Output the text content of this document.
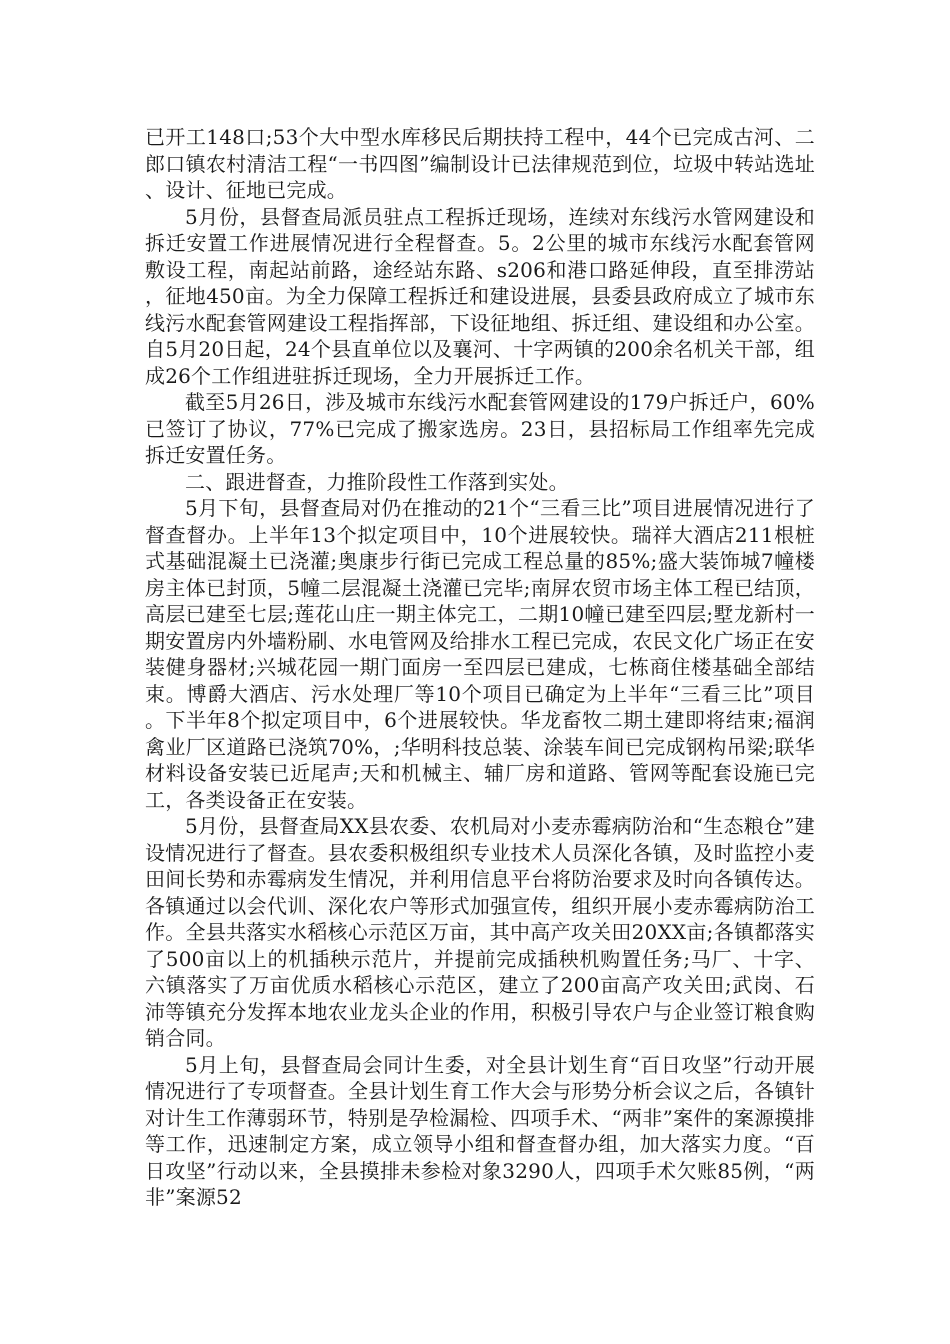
已开工148口;53个大中型水库移民后期扶持工程中，44个已完成古河、二郎口镇农村清洁工程“一书四图”编制设计已法律规范到位，垃圾中转站选址、设计、征地已完成。

5月份，县督查局派员驻点工程拆迁现场，连续对东线污水管网建设和拆迁安置工作进展情况进行全程督查。5。2公里的城市东线污水配套管网敷设工程，南起站前路，途经站东路、s206和港口路延伸段，直至排涝站，征地450亩。为全力保障工程拆迁和建设进展，县委县政府成立了城市东线污水配套管网建设工程指挥部，下设征地组、拆迁组、建设组和办公室。自5月20日起，24个县直单位以及襄河、十字两镇的200余名机关干部，组成26个工作组进驻拆迁现场，全力开展拆迁工作。

截至5月26日，涉及城市东线污水配套管网建设的179户拆迁户，60%已签订了协议，77%已完成了搬家选房。23日，县招标局工作组率先完成拆迁安置任务。

二、跟进督查，力推阶段性工作落到实处。

5月下旬，县督查局对仍在推动的21个“三看三比”项目进展情况进行了督查督办。上半年13个拟定项目中，10个进展较快。瑞祥大酒店211根桩式基础混凝土已浇灌;奥康步行街已完成工程总量的85%;盛大装饰城7幢楼房主体已封顶，5幢二层混凝土浇灌已完毕;南屏农贸市场主体工程已结顶，高层已建至七层;莲花山庄一期主体完工，二期10幢已建至四层;墅龙新村一期安置房内外墙粉刷、水电管网及给排水工程已完成，农民文化广场正在安装健身器材;兴城花园一期门面房一至四层已建成，七栋商住楼基础全部结束。博爵大酒店、污水处理厂等10个项目已确定为上半年“三看三比”项目。下半年8个拟定项目中，6个进展较快。华龙畜牧二期土建即将结束;福润禽业厂区道路已浇筑70%，;华明科技总装、涂装车间已完成钢构吊梁;联华材料设备安装已近尾声;天和机械主、辅厂房和道路、管网等配套设施已完工，各类设备正在安装。

5月份，县督查局XX县农委、农机局对小麦赤霉病防治和“生态粮仓”建设情况进行了督查。县农委积极组织专业技术人员深化各镇，及时监控小麦田间长势和赤霉病发生情况，并利用信息平台将防治要求及时向各镇传达。各镇通过以会代训、深化农户等形式加强宣传，组织开展小麦赤霉病防治工作。全县共落实水稻核心示范区万亩，其中高产攻关田20XX亩;各镇都落实了500亩以上的机插秧示范片，并提前完成插秧机购置任务;马厂、十字、六镇落实了万亩优质水稻核心示范区，建立了200亩高产攻关田;武岗、石沛等镇充分发挥本地农业龙头企业的作用，积极引导农户与企业签订粮食购销合同。

5月上旬，县督查局会同计生委，对全县计划生育“百日攻坚”行动开展情况进行了专项督查。全县计划生育工作大会与形势分析会议之后，各镇针对计生工作薄弱环节，特别是孕检漏检、四项手术、“两非”案件的案源摸排等工作，迅速制定方案，成立领导小组和督查督办组，加大落实力度。“百日攻坚”行动以来，全县摸排未参检对象3290人，四项手术欠账85例，“两非”案源52
